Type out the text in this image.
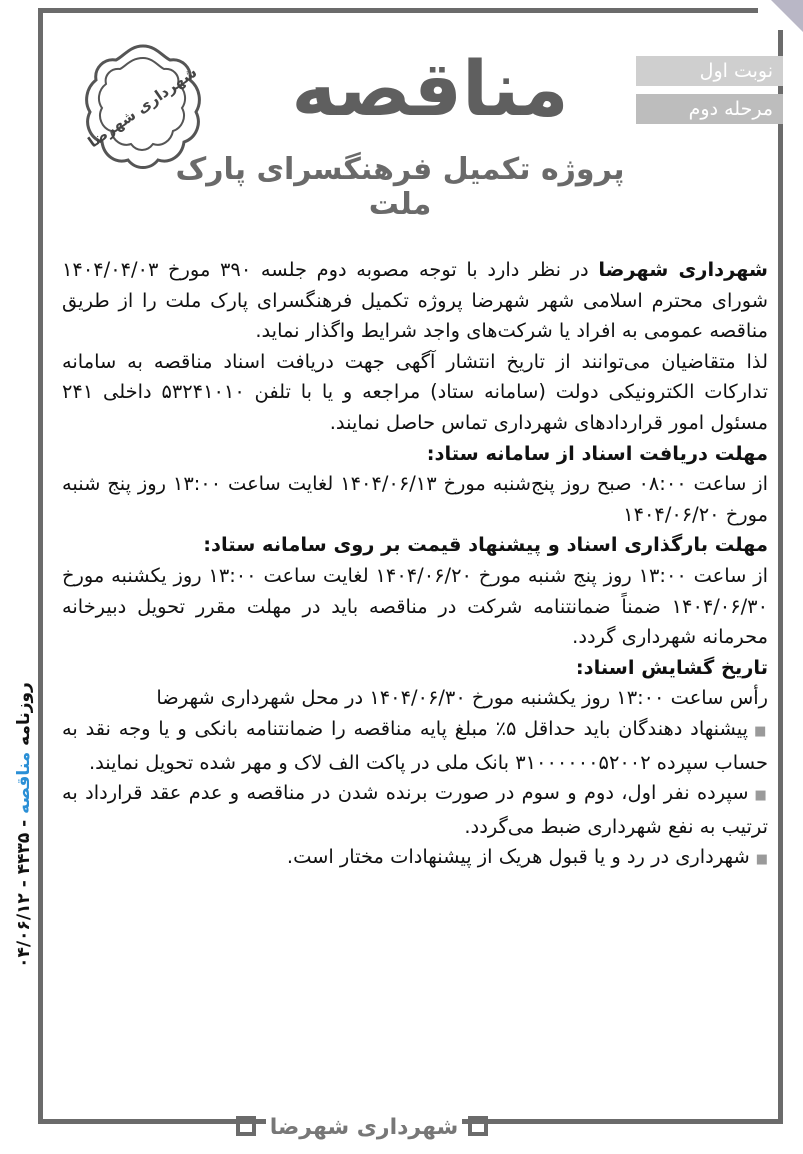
روزنامه مناقصه - ۴۴۳۵ - ۰۴/۰۶/۱۲
شهرداری شهرضا مناقصه	نوبت اول
مرحله دوم
پروژه تکمیل فرهنگسرای پارک ملت

شهرداری شهرضا در نظر دارد با توجه مصوبه دوم جلسه ۳۹۰ مورخ ۱۴۰۴/۰۴/۰۳ شورای محترم اسلامی شهر شهرضا پروژه تکمیل فرهنگسرای پارک ملت را از طریق مناقصه عمومی به افراد یا شرکت‌های واجد شرایط واگذار نماید.

لذا متقاضیان می‌توانند از تاریخ انتشار آگهی جهت دریافت اسناد مناقصه به سامانه تدارکات الکترونیکی دولت (سامانه ستاد) مراجعه و یا با تلفن ۵۳۲۴۱۰۱۰ داخلی ۲۴۱ مسئول امور قراردادهای شهرداری تماس حاصل نمایند.

مهلت دریافت اسناد از سامانه ستاد:

از ساعت ۰۸:۰۰ صبح روز پنج‌شنبه مورخ ۱۴۰۴/۰۶/۱۳ لغایت ساعت ۱۳:۰۰ روز پنج شنبه مورخ ۱۴۰۴/۰۶/۲۰

مهلت بارگذاری اسناد و پیشنهاد قیمت بر روی سامانه ستاد:

از ساعت ۱۳:۰۰ روز پنج شنبه مورخ ۱۴۰۴/۰۶/۲۰ لغایت ساعت ۱۳:۰۰ روز یکشنبه مورخ ۱۴۰۴/۰۶/۳۰ ضمناً ضمانتنامه شرکت در مناقصه باید در مهلت مقرر تحویل دبیرخانه محرمانه شهرداری گردد.

تاریخ گشایش اسناد:

رأس ساعت ۱۳:۰۰ روز یکشنبه مورخ ۱۴۰۴/۰۶/۳۰ در محل شهرداری شهرضا

■ پیشنهاد دهندگان باید حداقل ۵٪ مبلغ پایه مناقصه را ضمانتنامه بانکی و یا وجه نقد به حساب سپرده ۳۱۰۰۰۰۰۰۵۲۰۰۲ بانک ملی در پاکت الف لاک و مهر شده تحویل نمایند.

■ سپرده نفر اول، دوم و سوم در صورت برنده شدن در مناقصه و عدم عقد قرارداد به ترتیب به نفع شهرداری ضبط می‌گردد.

■ شهرداری در رد و یا قبول هریک از پیشنهادات مختار است.

شهرداری شهرضا
